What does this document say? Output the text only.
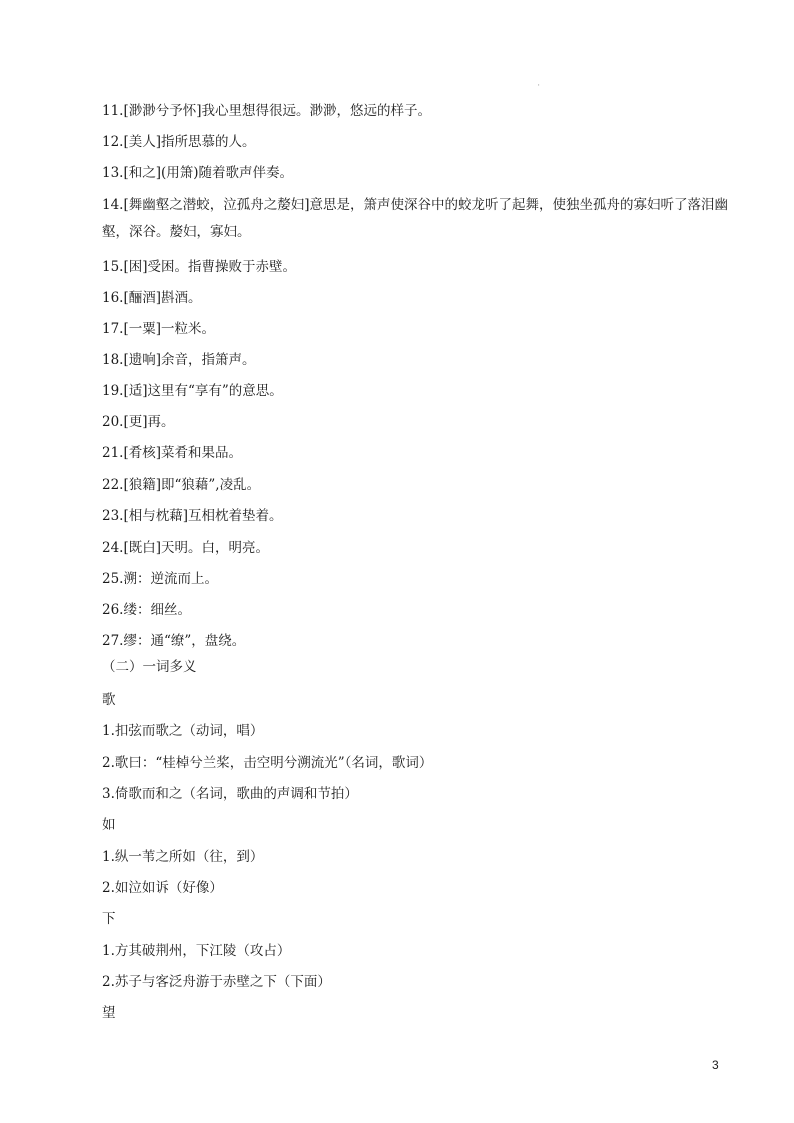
'
11.[渺渺兮予怀]我心里想得很远。渺渺，悠远的样子。
12.[美人]指所思慕的人。
13.[和之](用箫)随着歌声伴奏。
14.[舞幽壑之潜蛟，泣孤舟之嫠妇]意思是，箫声使深谷中的蛟龙听了起舞，使独坐孤舟的寡妇听了落泪幽壑，深谷。嫠妇，寡妇。
15.[困]受困。指曹操败于赤壁。
16.[酾酒]斟酒。
17.[一粟]一粒米。
18.[遗响]余音，指箫声。
19.[适]这里有“享有”的意思。
20.[更]再。
21.[肴核]菜肴和果品。
22.[狼籍]即“狼藉”,凌乱。
23.[相与枕藉]互相枕着垫着。
24.[既白]天明。白，明亮。
25.溯：逆流而上。
26.缕：细丝。
27.缪：通“缭”，盘绕。
（二）一词多义
歌
1.扣弦而歌之（动词，唱）
2.歌曰：“桂棹兮兰桨，击空明兮溯流光”（名词，歌词）
3.倚歌而和之（名词，歌曲的声调和节拍）
如
1.纵一苇之所如（往，到）
2.如泣如诉（好像）
下
1.方其破荆州，下江陵（攻占）
2.苏子与客泛舟游于赤壁之下（下面）
望
3
